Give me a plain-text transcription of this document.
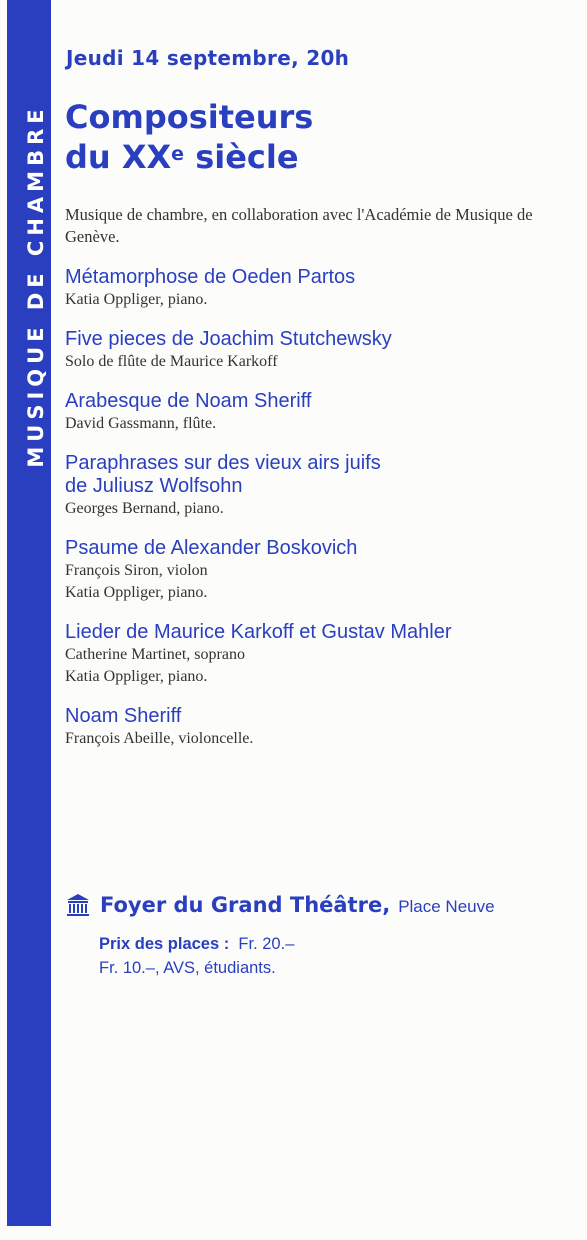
MUSIQUE DE CHAMBRE
Jeudi 14 septembre, 20h
Compositeurs
du XXe siècle
Musique de chambre, en collaboration avec l'Académie de Musique de Genève.
Métamorphose de Oeden Partos
Katia Oppliger, piano.
Five pieces de Joachim Stutchewsky
Solo de flûte de Maurice Karkoff
Arabesque de Noam Sheriff
David Gassmann, flûte.
Paraphrases sur des vieux airs juifs
de Juliusz Wolfsohn
Georges Bernand, piano.
Psaume de Alexander Boskovich
François Siron, violon
Katia Oppliger, piano.
Lieder de Maurice Karkoff et Gustav Mahler
Catherine Martinet, soprano
Katia Oppliger, piano.
Noam Sheriff
François Abeille, violoncelle.
Foyer du Grand Théâtre, Place Neuve
Prix des places : Fr. 20.–
Fr. 10.–, AVS, étudiants.
